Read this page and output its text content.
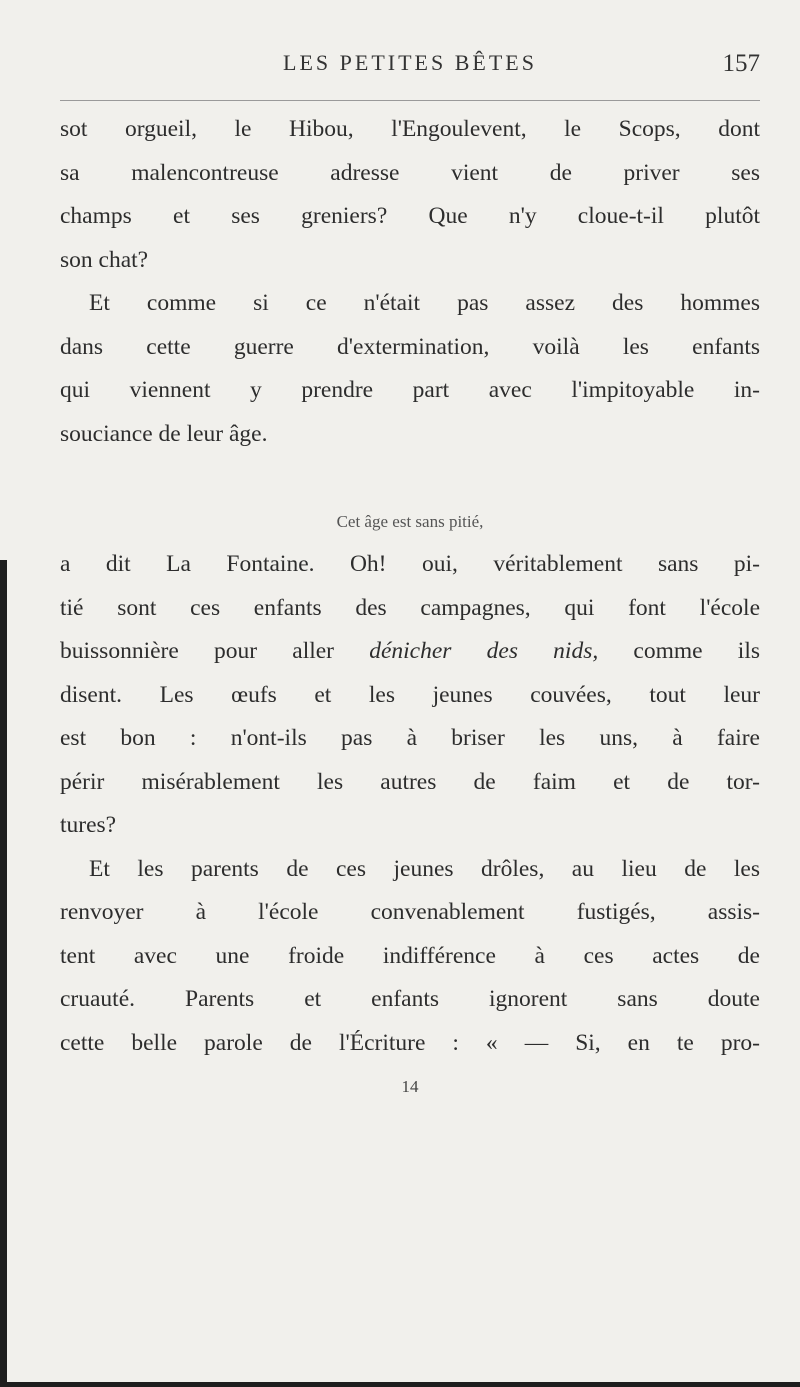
LES PETITES BÊTES	157
sot orgueil, le Hibou, l'Engoulevent, le Scops, dont
sa malencontreuse adresse vient de priver ses
champs et ses greniers? Que n'y cloue-t-il plutôt
son chat?
Et comme si ce n'était pas assez des hommes
dans cette guerre d'extermination, voilà les enfants
qui viennent y prendre part avec l'impitoyable in-
souciance de leur âge.
Cet âge est sans pitié,
a dit La Fontaine. Oh! oui, véritablement sans pi-
tié sont ces enfants des campagnes, qui font l'école
buissonnière pour aller dénicher des nids, comme ils
disent. Les œufs et les jeunes couvées, tout leur
est bon : n'ont-ils pas à briser les uns, à faire
périr misérablement les autres de faim et de tor-
tures?
Et les parents de ces jeunes drôles, au lieu de les
renvoyer à l'école convenablement fustigés, assis-
tent avec une froide indifférence à ces actes de
cruauté. Parents et enfants ignorent sans doute
cette belle parole de l'Écriture : « — Si, en te pro-
14
